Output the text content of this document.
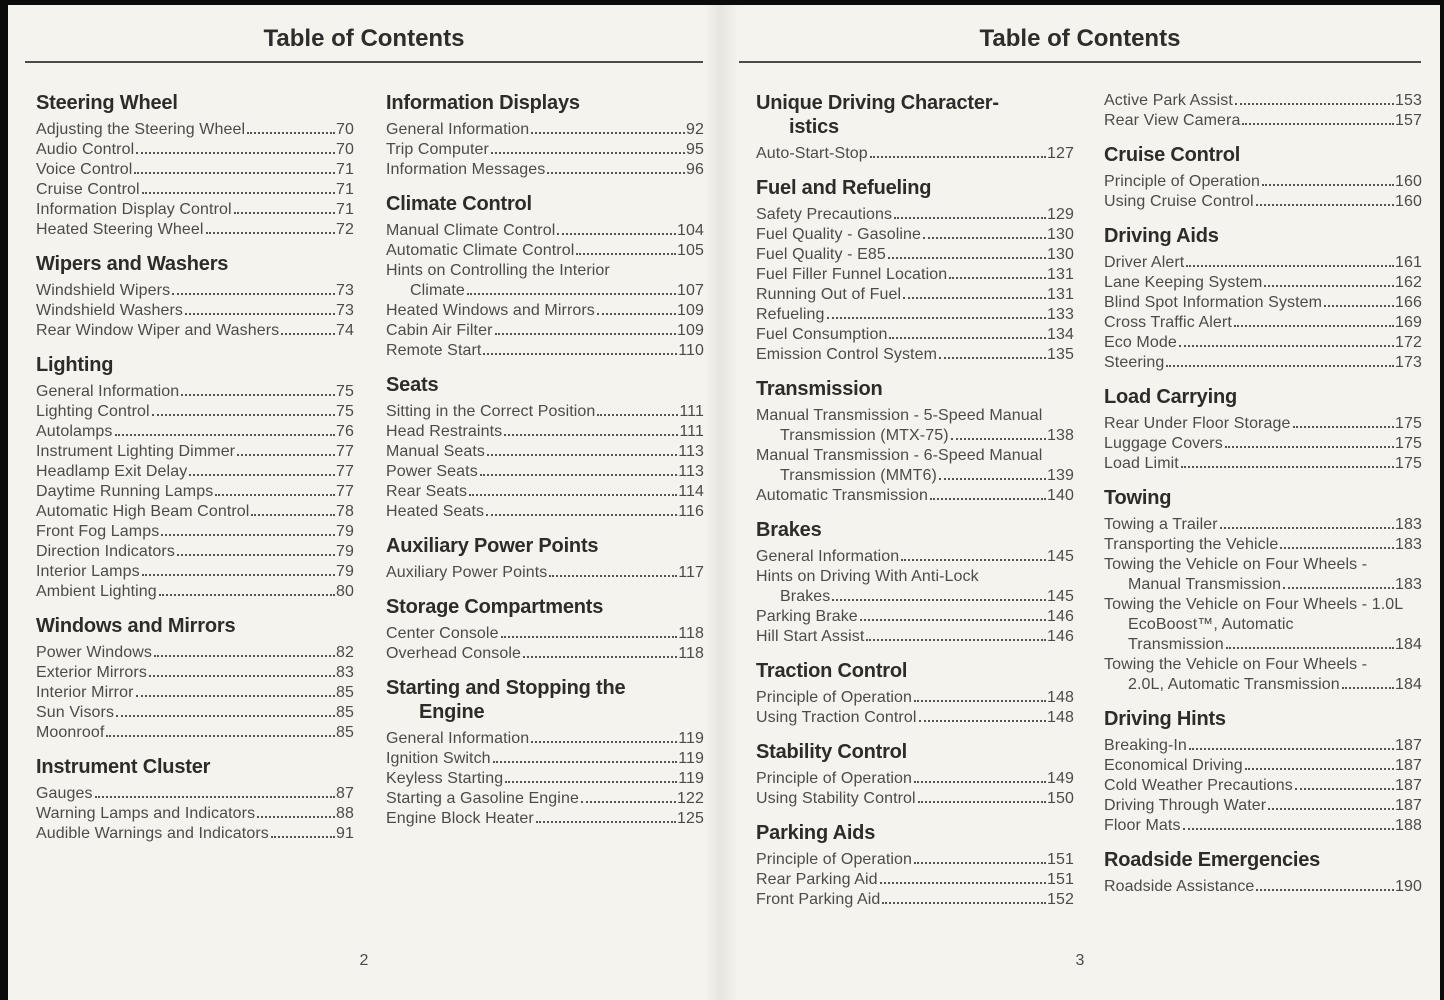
Table of Contents
Steering Wheel
Adjusting the Steering Wheel	70
Audio Control	70
Voice Control	71
Cruise Control	71
Information Display Control	71
Heated Steering Wheel	72
Wipers and Washers
Windshield Wipers	73
Windshield Washers	73
Rear Window Wiper and Washers	74
Lighting
General Information	75
Lighting Control	75
Autolamps	76
Instrument Lighting Dimmer	77
Headlamp Exit Delay	77
Daytime Running Lamps	77
Automatic High Beam Control	78
Front Fog Lamps	79
Direction Indicators	79
Interior Lamps	79
Ambient Lighting	80
Windows and Mirrors
Power Windows	82
Exterior Mirrors	83
Interior Mirror	85
Sun Visors	85
Moonroof	85
Instrument Cluster
Gauges	87
Warning Lamps and Indicators	88
Audible Warnings and Indicators	91
Information Displays
General Information	92
Trip Computer	95
Information Messages	96
Climate Control
Manual Climate Control	104
Automatic Climate Control	105
Hints on Controlling the Interior
Climate	107
Heated Windows and Mirrors	109
Cabin Air Filter	109
Remote Start	110
Seats
Sitting in the Correct Position	111
Head Restraints	111
Manual Seats	113
Power Seats	113
Rear Seats	114
Heated Seats	116
Auxiliary Power Points
Auxiliary Power Points	117
Storage Compartments
Center Console	118
Overhead Console	118
Starting and Stopping the
Engine
General Information	119
Ignition Switch	119
Keyless Starting	119
Starting a Gasoline Engine	122
Engine Block Heater	125
2
Table of Contents
Unique Driving Character-
istics
Auto-Start-Stop	127
Fuel and Refueling
Safety Precautions	129
Fuel Quality - Gasoline	130
Fuel Quality - E85	130
Fuel Filler Funnel Location	131
Running Out of Fuel	131
Refueling	133
Fuel Consumption	134
Emission Control System	135
Transmission
Manual Transmission - 5-Speed Manual
Transmission (MTX-75)	138
Manual Transmission - 6-Speed Manual
Transmission (MMT6)	139
Automatic Transmission	140
Brakes
General Information	145
Hints on Driving With Anti-Lock
Brakes	145
Parking Brake	146
Hill Start Assist	146
Traction Control
Principle of Operation	148
Using Traction Control	148
Stability Control
Principle of Operation	149
Using Stability Control	150
Parking Aids
Principle of Operation	151
Rear Parking Aid	151
Front Parking Aid	152
Active Park Assist	153
Rear View Camera	157
Cruise Control
Principle of Operation	160
Using Cruise Control	160
Driving Aids
Driver Alert	161
Lane Keeping System	162
Blind Spot Information System	166
Cross Traffic Alert	169
Eco Mode	172
Steering	173
Load Carrying
Rear Under Floor Storage	175
Luggage Covers	175
Load Limit	175
Towing
Towing a Trailer	183
Transporting the Vehicle	183
Towing the Vehicle on Four Wheels -
Manual Transmission	183
Towing the Vehicle on Four Wheels - 1.0L
EcoBoost™, Automatic
Transmission	184
Towing the Vehicle on Four Wheels -
2.0L, Automatic Transmission	184
Driving Hints
Breaking-In	187
Economical Driving	187
Cold Weather Precautions	187
Driving Through Water	187
Floor Mats	188
Roadside Emergencies
Roadside Assistance	190
3
